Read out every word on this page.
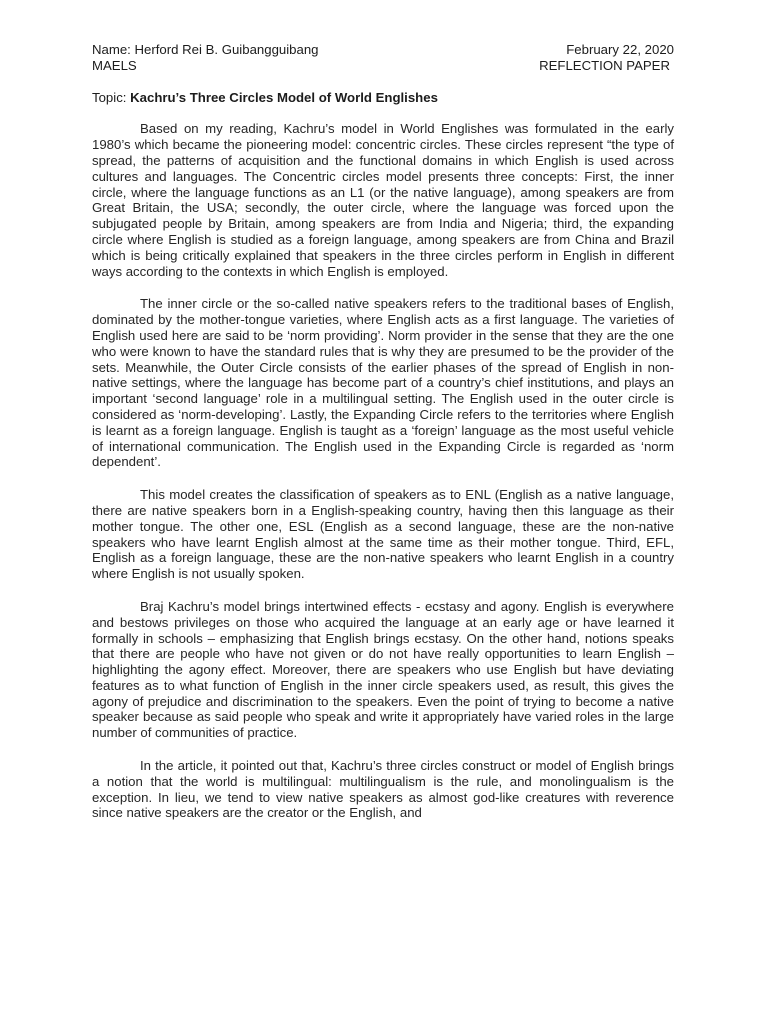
Name: Herford Rei B. Guibangguibang	February 22, 2020
MAELS	REFLECTION PAPER
Topic: Kachru’s Three Circles Model of World Englishes

Based on my reading, Kachru’s model in World Englishes was formulated in the early 1980’s which became the pioneering model: concentric circles. These circles represent “the type of spread, the patterns of acquisition and the functional domains in which English is used across cultures and languages. The Concentric circles model presents three concepts: First, the inner circle, where the language functions as an L1 (or the native language), among speakers are from Great Britain, the USA; secondly, the outer circle, where the language was forced upon the subjugated people by Britain, among speakers are from India and Nigeria; third, the expanding circle where English is studied as a foreign language, among speakers are from China and Brazil which is being critically explained that speakers in the three circles perform in English in different ways according to the contexts in which English is employed.

The inner circle or the so-called native speakers refers to the traditional bases of English, dominated by the mother-tongue varieties, where English acts as a first language. The varieties of English used here are said to be ‘norm providing’. Norm provider in the sense that they are the one who were known to have the standard rules that is why they are presumed to be the provider of the sets. Meanwhile, the Outer Circle consists of the earlier phases of the spread of English in non-native settings, where the language has become part of a country’s chief institutions, and plays an important ‘second language’ role in a multilingual setting. The English used in the outer circle is considered as ‘norm-developing’. Lastly, the Expanding Circle refers to the territories where English is learnt as a foreign language. English is taught as a ‘foreign’ language as the most useful vehicle of international communication. The English used in the Expanding Circle is regarded as ‘norm dependent’.

This model creates the classification of speakers as to ENL (English as a native language, there are native speakers born in a English-speaking country, having then this language as their mother tongue. The other one, ESL (English as a second language, these are the non-native speakers who have learnt English almost at the same time as their mother tongue. Third, EFL, English as a foreign language, these are the non-native speakers who learnt English in a country where English is not usually spoken.

Braj Kachru’s model brings intertwined effects - ecstasy and agony. English is everywhere and bestows privileges on those who acquired the language at an early age or have learned it formally in schools – emphasizing that English brings ecstasy. On the other hand, notions speaks that there are people who have not given or do not have really opportunities to learn English – highlighting the agony effect. Moreover, there are speakers who use English but have deviating features as to what function of English in the inner circle speakers used, as result, this gives the agony of prejudice and discrimination to the speakers. Even the point of trying to become a native speaker because as said people who speak and write it appropriately have varied roles in the large number of communities of practice.

In the article, it pointed out that, Kachru’s three circles construct or model of English brings a notion that the world is multilingual: multilingualism is the rule, and monolingualism is the exception. In lieu, we tend to view native speakers as almost god-like creatures with reverence since native speakers are the creator or the English, and
